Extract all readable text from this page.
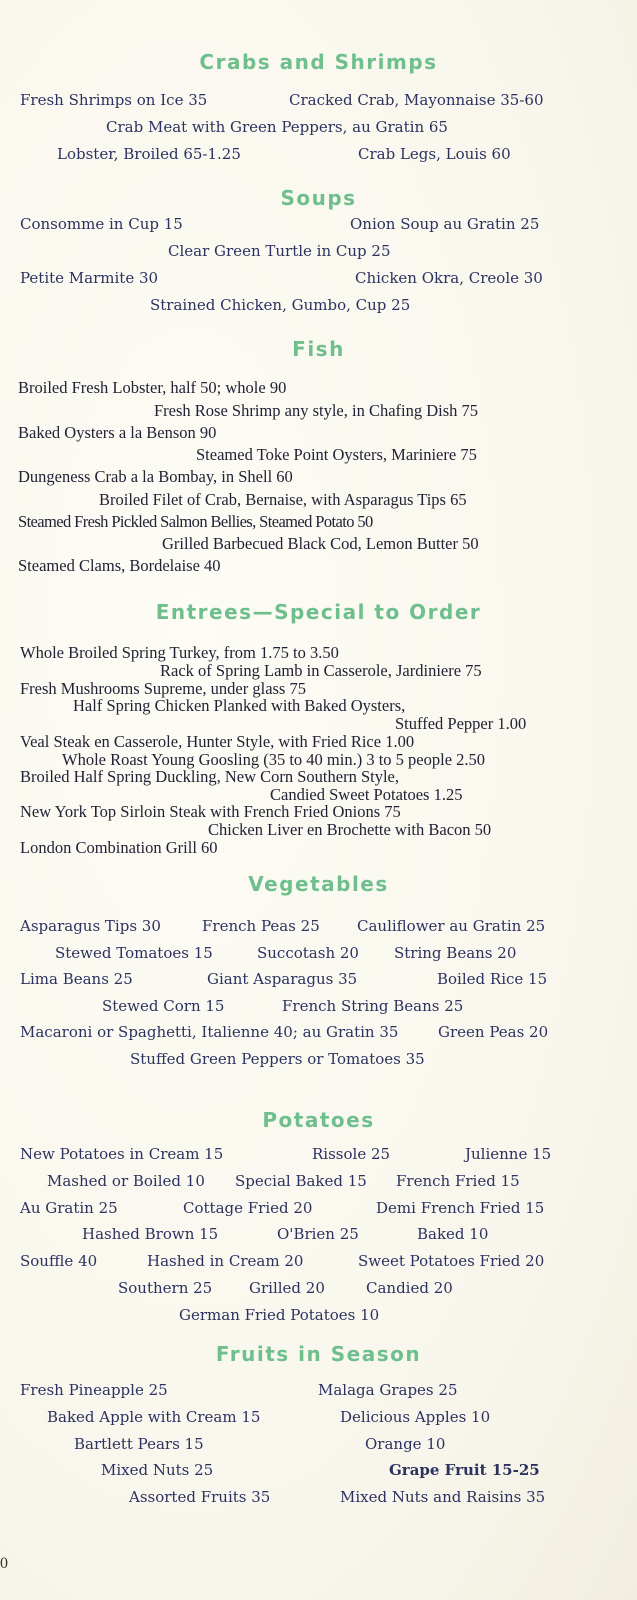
Crabs and Shrimps
Fresh Shrimps on Ice 35	Cracked Crab, Mayonnaise 35-60
Crab Meat with Green Peppers, au Gratin 65
Lobster, Broiled 65-1.25	Crab Legs, Louis 60
Soups
Consomme in Cup 15	Onion Soup au Gratin 25
Clear Green Turtle in Cup 25
Petite Marmite 30	Chicken Okra, Creole 30
Strained Chicken, Gumbo, Cup 25
Fish
Broiled Fresh Lobster, half 50; whole 90
Fresh Rose Shrimp any style, in Chafing Dish 75
Baked Oysters a la Benson 90
Steamed Toke Point Oysters, Mariniere 75
Dungeness Crab a la Bombay, in Shell 60
Broiled Filet of Crab, Bernaise, with Asparagus Tips 65
Steamed Fresh Pickled Salmon Bellies, Steamed Potato 50
Grilled Barbecued Black Cod, Lemon Butter 50
Steamed Clams, Bordelaise 40
Entrees—Special to Order
Whole Broiled Spring Turkey, from 1.75 to 3.50
Rack of Spring Lamb in Casserole, Jardiniere 75
Fresh Mushrooms Supreme, under glass 75
Half Spring Chicken Planked with Baked Oysters,
Stuffed Pepper 1.00
Veal Steak en Casserole, Hunter Style, with Fried Rice 1.00
Whole Roast Young Goosling (35 to 40 min.) 3 to 5 people 2.50
Broiled Half Spring Duckling, New Corn Southern Style,
Candied Sweet Potatoes 1.25
New York Top Sirloin Steak with French Fried Onions 75
Chicken Liver en Brochette with Bacon 50
London Combination Grill 60
Vegetables
Asparagus Tips 30	French Peas 25 Cauliflower au Gratin 25
Stewed Tomatoes 15	Succotash 20 String Beans 20
Lima Beans 25	Giant Asparagus 35	Boiled Rice 15
Stewed Corn 15	French String Beans 25
Macaroni or Spaghetti, Italienne 40; au Gratin 35	Green Peas 20
Stuffed Green Peppers or Tomatoes 35
Potatoes
New Potatoes in Cream 15	Rissole 25	Julienne 15
Mashed or Boiled 10 Special Baked 15 French Fried 15
Au Gratin 25	Cottage Fried 20	Demi French Fried 15
Hashed Brown 15	O'Brien 25	Baked 10
Souffle 40	Hashed in Cream 20	Sweet Potatoes Fried 20
Southern 25 Grilled 20	Candied 20
German Fried Potatoes 10
Fruits in Season
Fresh Pineapple 25	Malaga Grapes 25
Baked Apple with Cream 15	Delicious Apples 10
Bartlett Pears 15	Orange 10
Mixed Nuts 25	Grape Fruit 15-25
Assorted Fruits 35	Mixed Nuts and Raisins 35
0
